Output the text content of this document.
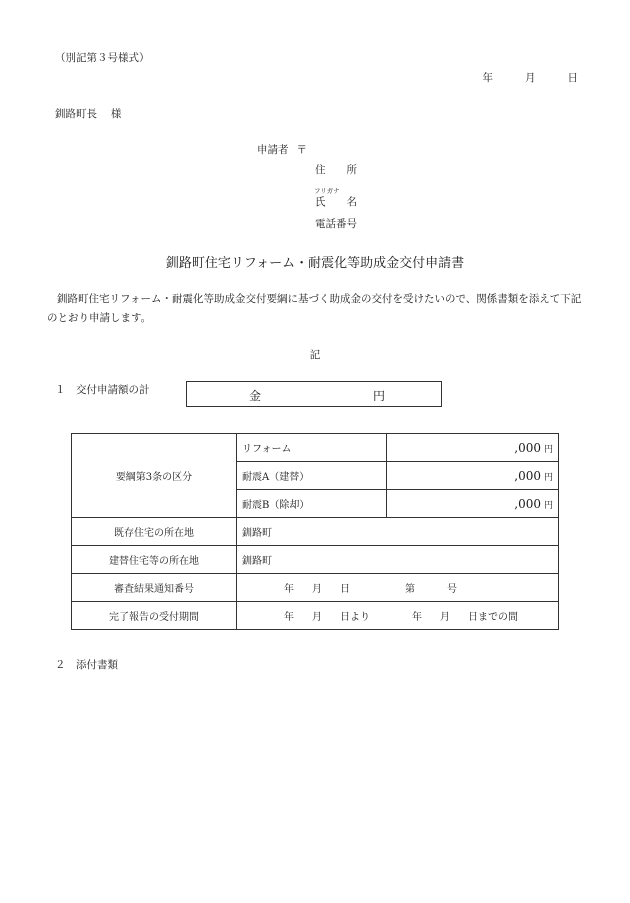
（別記第３号様式）
年	月	日
釧路町長　 様
申請者 〒
住　　所
フリガナ
氏　　名
電話番号
釧路町住宅リフォーム・耐震化等助成金交付申請書
釧路町住宅リフォーム・耐震化等助成金交付要綱に基づく助成金の交付を受けたいので、関係書類を添えて下記のとおり申請します。
記
１　交付申請額の計	金	円
要綱第3条の区分	リフォーム	,000 円
	耐震A（建替）	,000 円
	耐震B（除却）	,000 円
既存住宅の所在地	釧路町	
建替住宅等の所在地	釧路町	
審査結果通知番号	年 月 日 第 号	
完了報告の受付期間	年 月 日より 年 月 日までの間	
２　添付書類
